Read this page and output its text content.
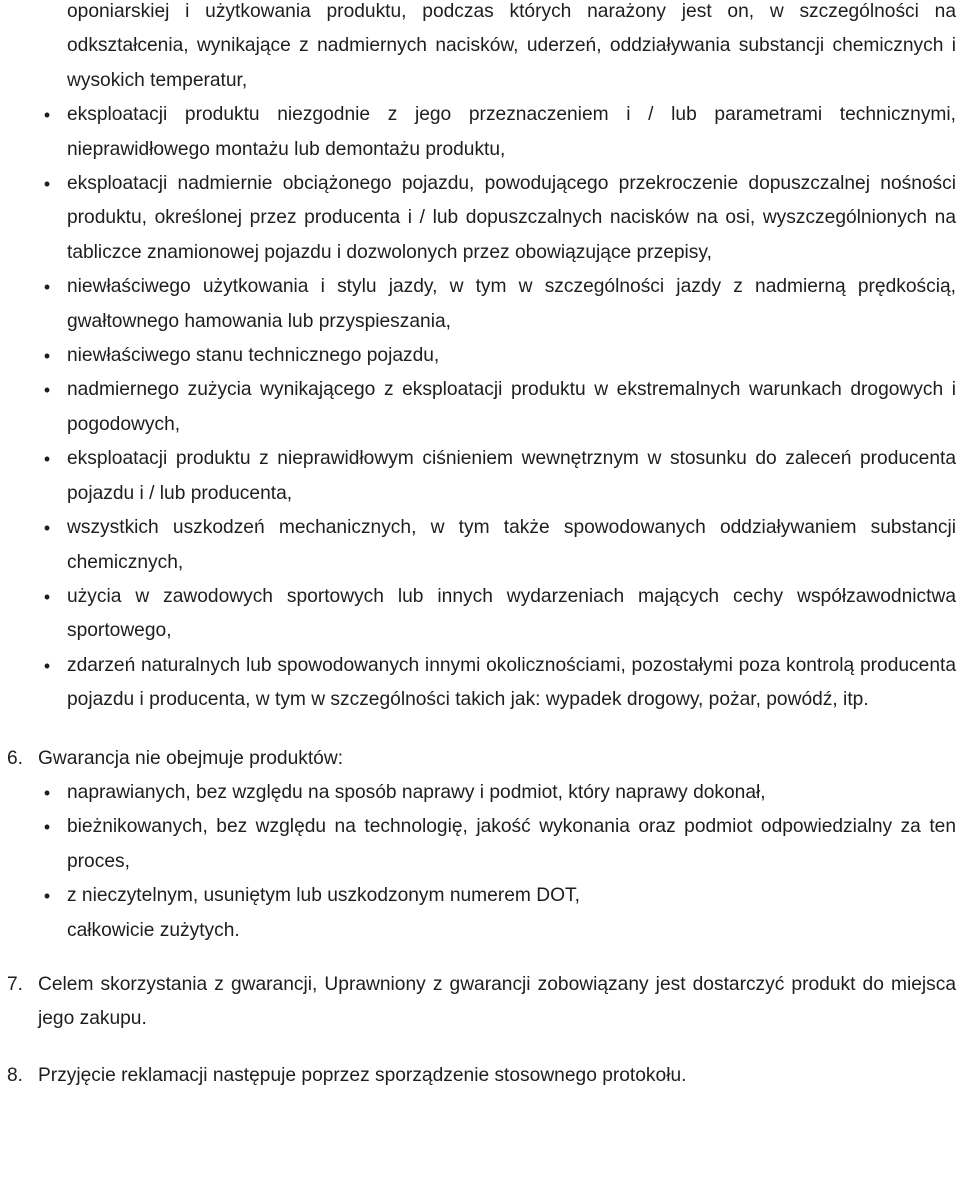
oponiarskiej i użytkowania produktu, podczas których narażony jest on, w szczególności na odkształcenia, wynikające z nadmiernych nacisków, uderzeń, oddziaływania substancji chemicznych i wysokich temperatur,
• eksploatacji produktu niezgodnie z jego przeznaczeniem i / lub parametrami technicznymi, nieprawidłowego montażu lub demontażu produktu,
• eksploatacji nadmiernie obciążonego pojazdu, powodującego przekroczenie dopuszczalnej nośności produktu, określonej przez producenta i / lub dopuszczalnych nacisków na osi, wyszczególnionych na tabliczce znamionowej pojazdu i dozwolonych przez obowiązujące przepisy,
• niewłaściwego użytkowania i stylu jazdy, w tym w szczególności jazdy z nadmierną prędkością, gwałtownego hamowania lub przyspieszania,
• niewłaściwego stanu technicznego pojazdu,
• nadmiernego zużycia wynikającego z eksploatacji produktu w ekstremalnych warunkach drogowych i pogodowych,
• eksploatacji produktu z nieprawidłowym ciśnieniem wewnętrznym w stosunku do zaleceń producenta pojazdu i / lub producenta,
• wszystkich uszkodzeń mechanicznych, w tym także spowodowanych oddziaływaniem substancji chemicznych,
• użycia w zawodowych sportowych lub innych wydarzeniach mających cechy współzawodnictwa sportowego,
• zdarzeń naturalnych lub spowodowanych innymi okolicznościami, pozostałymi poza kontrolą producenta pojazdu i producenta, w tym w szczególności takich jak: wypadek drogowy, pożar, powódź, itp.
6. Gwarancja nie obejmuje produktów:
• naprawianych, bez względu na sposób naprawy i podmiot, który naprawy dokonał,
• bieżnikowanych, bez względu na technologię, jakość wykonania oraz podmiot odpowiedzialny za ten proces,
• z nieczytelnym, usuniętym lub uszkodzonym numerem DOT,
całkowicie zużytych.
7. Celem skorzystania z gwarancji, Uprawniony z gwarancji zobowiązany jest dostarczyć produkt do miejsca jego zakupu.
8. Przyjęcie reklamacji następuje poprzez sporządzenie stosownego protokołu.
